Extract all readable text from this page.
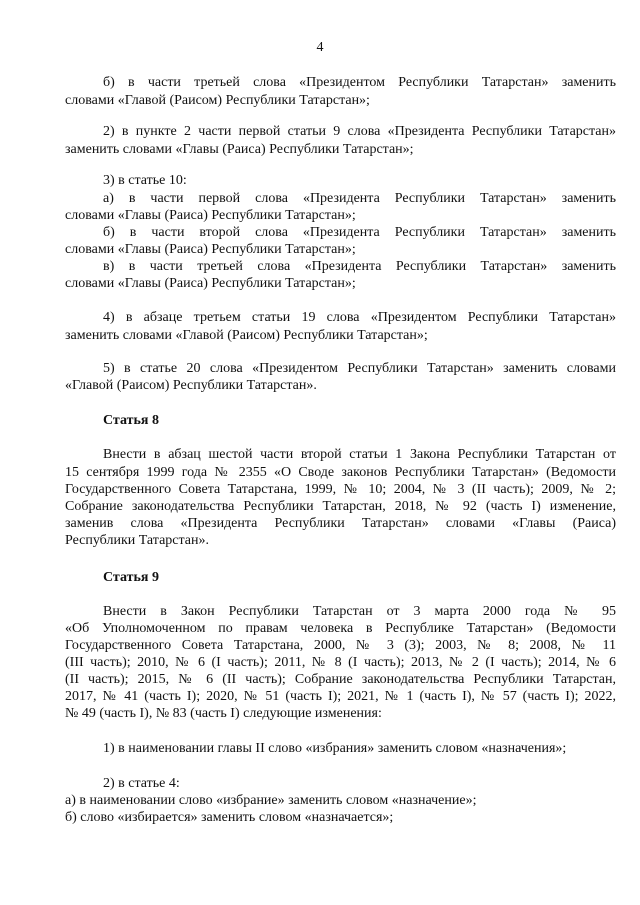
4
б) в части третьей слова «Президентом Республики Татарстан» заменить
словами «Главой (Раисом) Республики Татарстан»;
2) в пункте 2 части первой статьи 9 слова «Президента Республики Татарстан»
заменить словами «Главы (Раиса) Республики Татарстан»;
3) в статье 10:
а) в части первой слова «Президента Республики Татарстан» заменить
словами «Главы (Раиса) Республики Татарстан»;
б) в части второй слова «Президента Республики Татарстан» заменить
словами «Главы (Раиса) Республики Татарстан»;
в) в части третьей слова «Президента Республики Татарстан» заменить
словами «Главы (Раиса) Республики Татарстан»;
4) в абзаце третьем статьи 19 слова «Президентом Республики Татарстан»
заменить словами «Главой (Раисом) Республики Татарстан»;
5) в статье 20 слова «Президентом Республики Татарстан» заменить словами
«Главой (Раисом) Республики Татарстан».
Статья 8
Внести в абзац шестой части второй статьи 1 Закона Республики Татарстан от
15 сентября 1999 года № 2355 «О Своде законов Республики Татарстан» (Ведомости
Государственного Совета Татарстана, 1999, № 10; 2004, № 3 (II часть); 2009, № 2;
Собрание законодательства Республики Татарстан, 2018, № 92 (часть I) изменение,
заменив слова «Президента Республики Татарстан» словами «Главы (Раиса)
Республики Татарстан».
Статья 9
Внести в Закон Республики Татарстан от 3 марта 2000 года № 95
«Об Уполномоченном по правам человека в Республике Татарстан» (Ведомости
Государственного Совета Татарстана, 2000, № 3 (3); 2003, № 8; 2008, № 11
(III часть); 2010, № 6 (I часть); 2011, № 8 (I часть); 2013, № 2 (I часть); 2014, № 6
(II часть); 2015, № 6 (II часть); Собрание законодательства Республики Татарстан,
2017, № 41 (часть I); 2020, № 51 (часть I); 2021, № 1 (часть I), № 57 (часть I); 2022,
№ 49 (часть I), № 83 (часть I) следующие изменения:
1) в наименовании главы II слово «избрания» заменить словом «назначения»;
2) в статье 4:
а) в наименовании слово «избрание» заменить словом «назначение»;
б) слово «избирается» заменить словом «назначается»;
